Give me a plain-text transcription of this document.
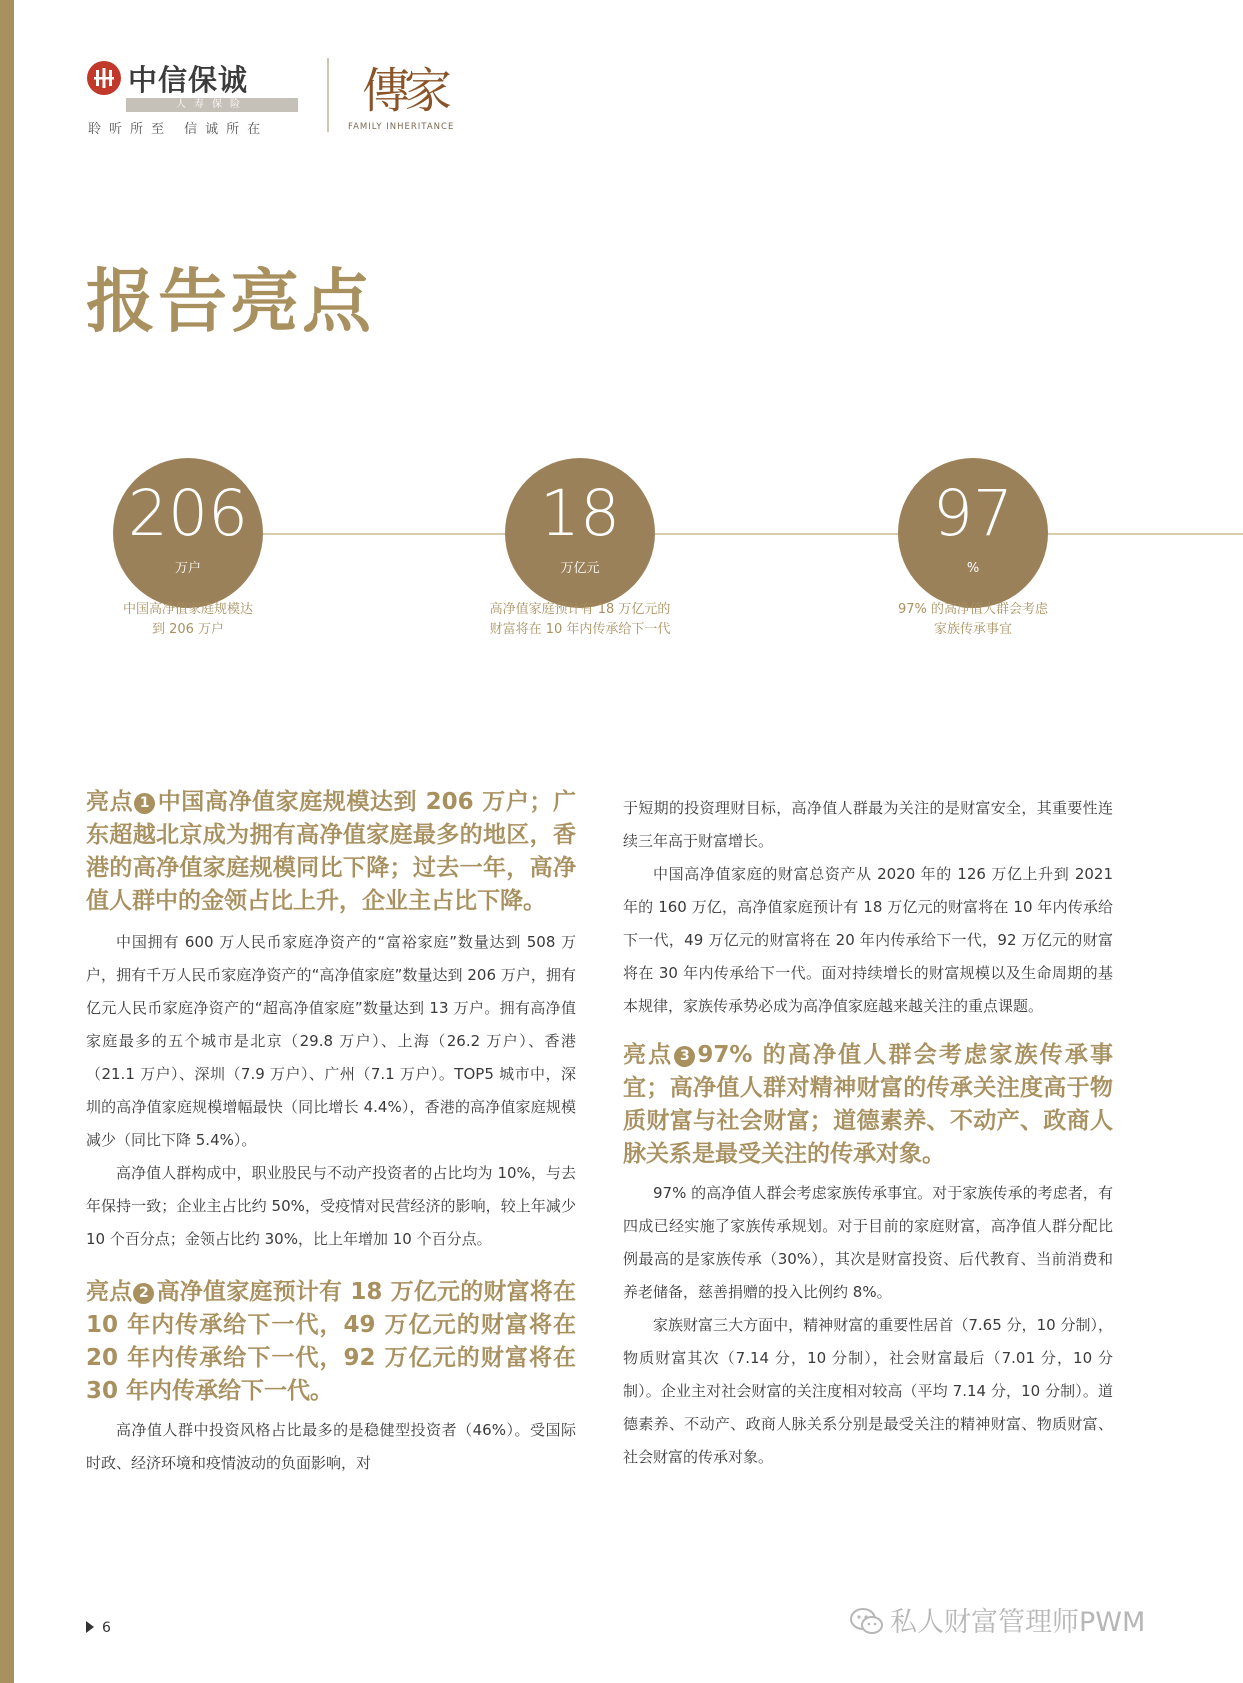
中信保诚
人寿保险
聆听所至 信诚所在
傳家
FAMILY INHERITANCE
报告亮点
206
万户
中国高净值家庭规模达
到 206 万户
18
万亿元
高净值家庭预计有 18 万亿元的
财富将在 10 年内传承给下一代
97
%
97% 的高净值人群会考虑
家族传承事宜
亮点 1 中国高净值家庭规模达到 206 万户；广东超越北京成为拥有高净值家庭最多的地区，香港的高净值家庭规模同比下降；过去一年，高净值人群中的金领占比上升，企业主占比下降。

中国拥有 600 万人民币家庭净资产的“富裕家庭”数量达到 508 万户，拥有千万人民币家庭净资产的“高净值家庭”数量达到 206 万户，拥有亿元人民币家庭净资产的“超高净值家庭”数量达到 13 万户。拥有高净值家庭最多的五个城市是北京（29.8 万户）、上海（26.2 万户）、香港（21.1 万户）、深圳（7.9 万户）、广州（7.1 万户）。TOP5 城市中，深圳的高净值家庭规模增幅最快（同比增长 4.4%），香港的高净值家庭规模减少（同比下降 5.4%）。

高净值人群构成中，职业股民与不动产投资者的占比均为 10%，与去年保持一致；企业主占比约 50%，受疫情对民营经济的影响，较上年减少 10 个百分点；金领占比约 30%，比上年增加 10 个百分点。

亮点 2 高净值家庭预计有 18 万亿元的财富将在 10 年内传承给下一代，49 万亿元的财富将在 20 年内传承给下一代，92 万亿元的财富将在 30 年内传承给下一代。

高净值人群中投资风格占比最多的是稳健型投资者（46%）。受国际时政、经济环境和疫情波动的负面影响，对

于短期的投资理财目标，高净值人群最为关注的是财富安全，其重要性连续三年高于财富增长。

中国高净值家庭的财富总资产从 2020 年的 126 万亿上升到 2021 年的 160 万亿，高净值家庭预计有 18 万亿元的财富将在 10 年内传承给下一代，49 万亿元的财富将在 20 年内传承给下一代，92 万亿元的财富将在 30 年内传承给下一代。面对持续增长的财富规模以及生命周期的基本规律，家族传承势必成为高净值家庭越来越关注的重点课题。

亮点 3 97% 的高净值人群会考虑家族传承事宜；高净值人群对精神财富的传承关注度高于物质财富与社会财富；道德素养、不动产、政商人脉关系是最受关注的传承对象。

97% 的高净值人群会考虑家族传承事宜。对于家族传承的考虑者，有四成已经实施了家族传承规划。对于目前的家庭财富，高净值人群分配比例最高的是家族传承（30%），其次是财富投资、后代教育、当前消费和养老储备，慈善捐赠的投入比例约 8%。

家族财富三大方面中，精神财富的重要性居首（7.65 分，10 分制），物质财富其次（7.14 分，10 分制），社会财富最后（7.01 分，10 分制）。企业主对社会财富的关注度相对较高（平均 7.14 分，10 分制）。道德素养、不动产、政商人脉关系分别是最受关注的精神财富、物质财富、社会财富的传承对象。

6	私人财富管理师PWM
